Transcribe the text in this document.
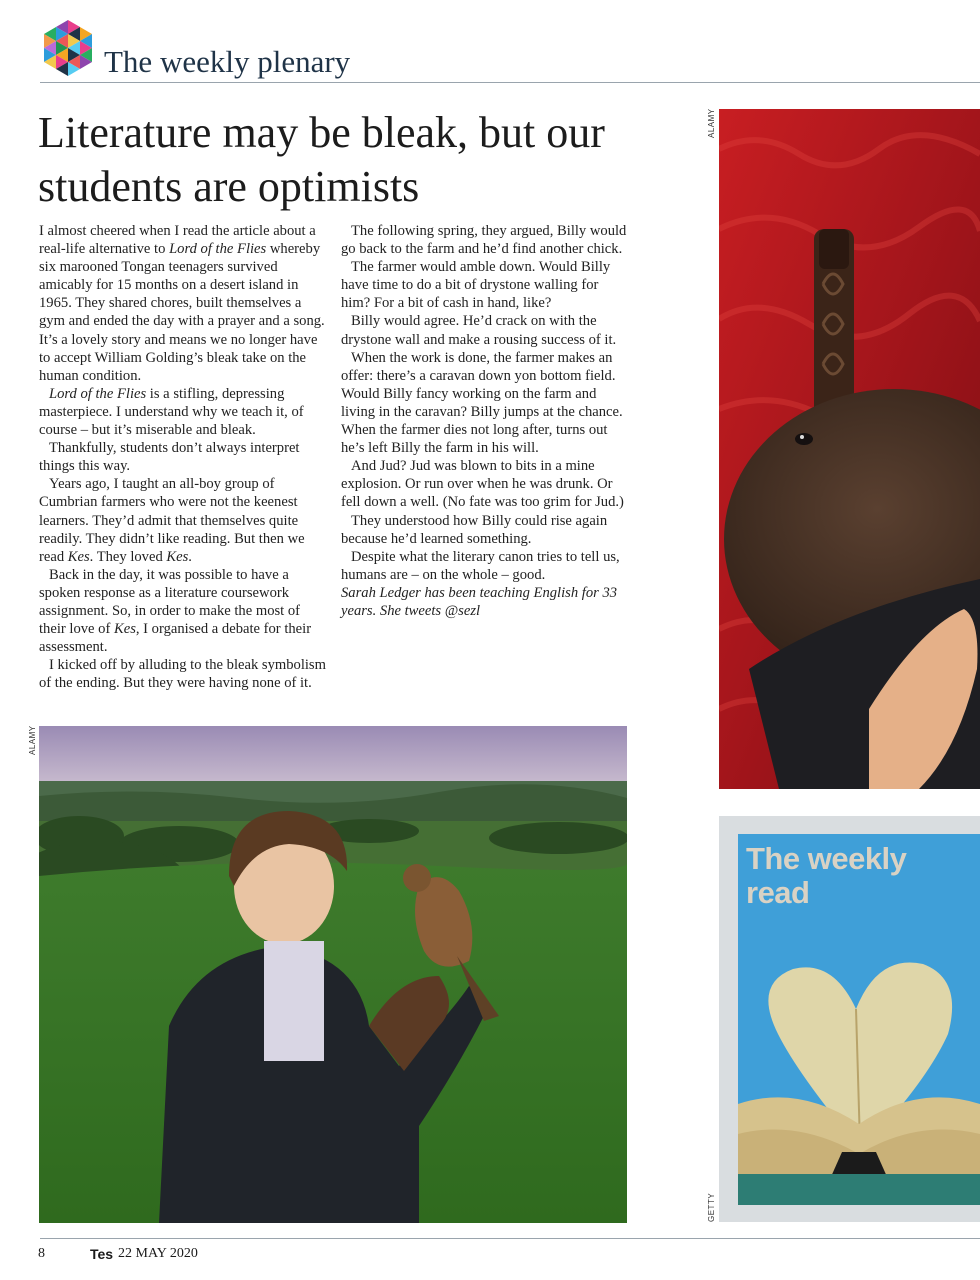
The weekly plenary
Literature may be bleak, but our students are optimists

I almost cheered when I read the article about a real-life alternative to Lord of the Flies whereby six marooned Tongan teenagers survived amicably for 15 months on a desert island in 1965. They shared chores, built themselves a gym and ended the day with a prayer and a song. It’s a lovely story and means we no longer have to accept William Golding’s bleak take on the human condition.

Lord of the Flies is a stifling, depressing masterpiece. I understand why we teach it, of course – but it’s miserable and bleak.

Thankfully, students don’t always interpret things this way.

Years ago, I taught an all-boy group of Cumbrian farmers who were not the keenest learners. They’d admit that themselves quite readily. They didn’t like reading. But then we read Kes. They loved Kes.

Back in the day, it was possible to have a spoken response as a literature coursework assignment. So, in order to make the most of their love of Kes, I organised a debate for their assessment.

I kicked off by alluding to the bleak symbolism of the ending. But they were having none of it.

The following spring, they argued, Billy would go back to the farm and he’d find another chick.

The farmer would amble down. Would Billy have time to do a bit of drystone walling for him? For a bit of cash in hand, like?

Billy would agree. He’d crack on with the drystone wall and make a rousing success of it.

When the work is done, the farmer makes an offer: there’s a caravan down yon bottom field. Would Billy fancy working on the farm and living in the caravan? Billy jumps at the chance. When the farmer dies not long after, turns out he’s left Billy the farm in his will.

And Jud? Jud was blown to bits in a mine explosion. Or run over when he was drunk. Or fell down a well. (No fate was too grim for Jud.)

They understood how Billy could rise again because he’d learned something.

Despite what the literary canon tries to tell us, humans are – on the whole – good.

Sarah Ledger has been teaching English for 33 years. She tweets @sezl

ALAMY
ALAMY
GETTY
The weekly read
8	Tes 22 MAY 2020
